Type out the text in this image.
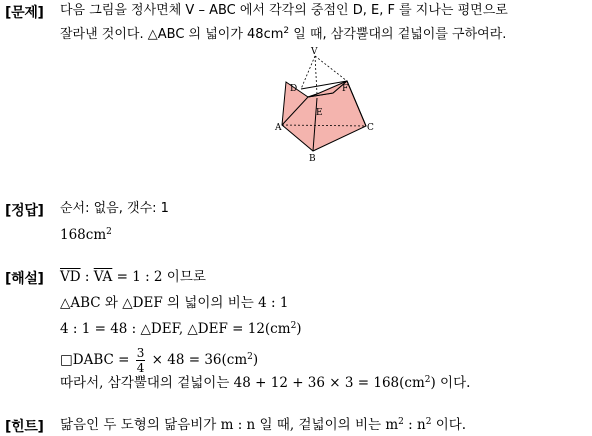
[문제] 다음 그림을 정사면체 V – ABC 에서 각각의 중점인 D, E, F 를 지나는 평면으로
잘라낸 것이다. △ABC 의 넓이가 $48cm^2$ 일 때, 삼각뿔대의 겉넓이를 구하여라.
V
D	F
E
A	C
B
[정답] 순서: 없음, 갯수: 1
$168cm^2$
[해설] $\overline{VD}$ : $\overline{VA} = 1$ : 2 이므로
△ABC 와 △DEF 의 넓이의 비는 4 : 1
4 : 1 = 48 : △DEF, △DEF = $12(cm^2)$
□DABC = $\frac{3}{4} \times 48 = 36(cm^2)$
따라서, 삼각뿔대의 겉넓이는 $48 + 12 + 36 \times 3 = 168(cm^2)$ 이다.
[힌트] 닮음인 두 도형의 닮음비가 m : n 일 때, 겉넓이의 비는 $m^2$ : $n^2$ 이다.
